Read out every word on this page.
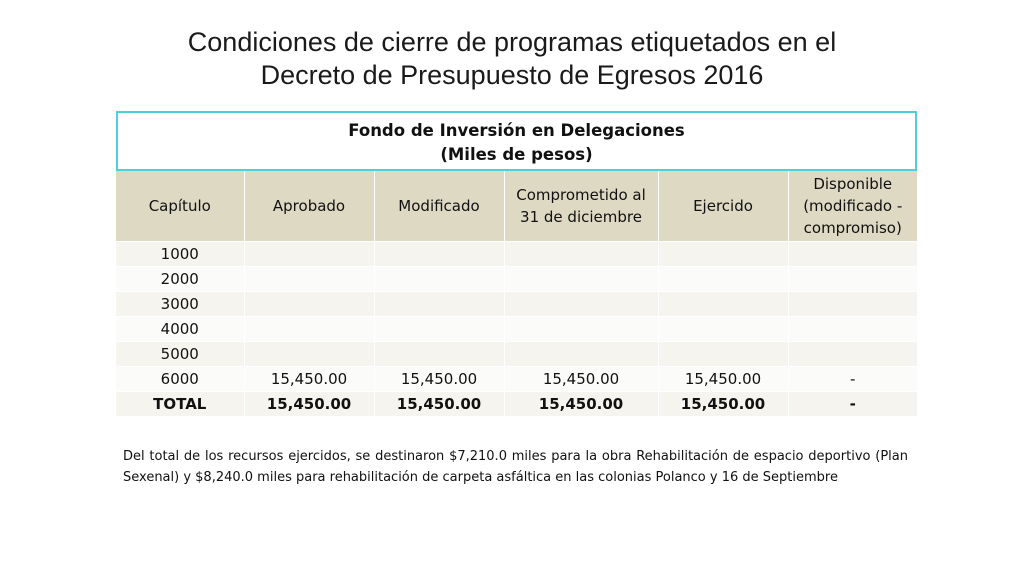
Condiciones de cierre de programas etiquetados en el
Decreto de Presupuesto de Egresos 2016
Fondo de Inversión en Delegaciones
(Miles de pesos)
Capítulo	Aprobado	Modificado	Comprometido al 31 de diciembre	Ejercido	Disponible (modificado - compromiso)
1000					
2000					
3000					
4000					
5000					
6000	15,450.00	15,450.00	15,450.00	15,450.00	-
TOTAL	15,450.00	15,450.00	15,450.00	15,450.00	-
Del total de los recursos ejercidos, se destinaron $7,210.0 miles para la obra Rehabilitación de espacio deportivo (Plan Sexenal) y $8,240.0 miles para rehabilitación de carpeta asfáltica en las colonias Polanco y 16 de Septiembre
